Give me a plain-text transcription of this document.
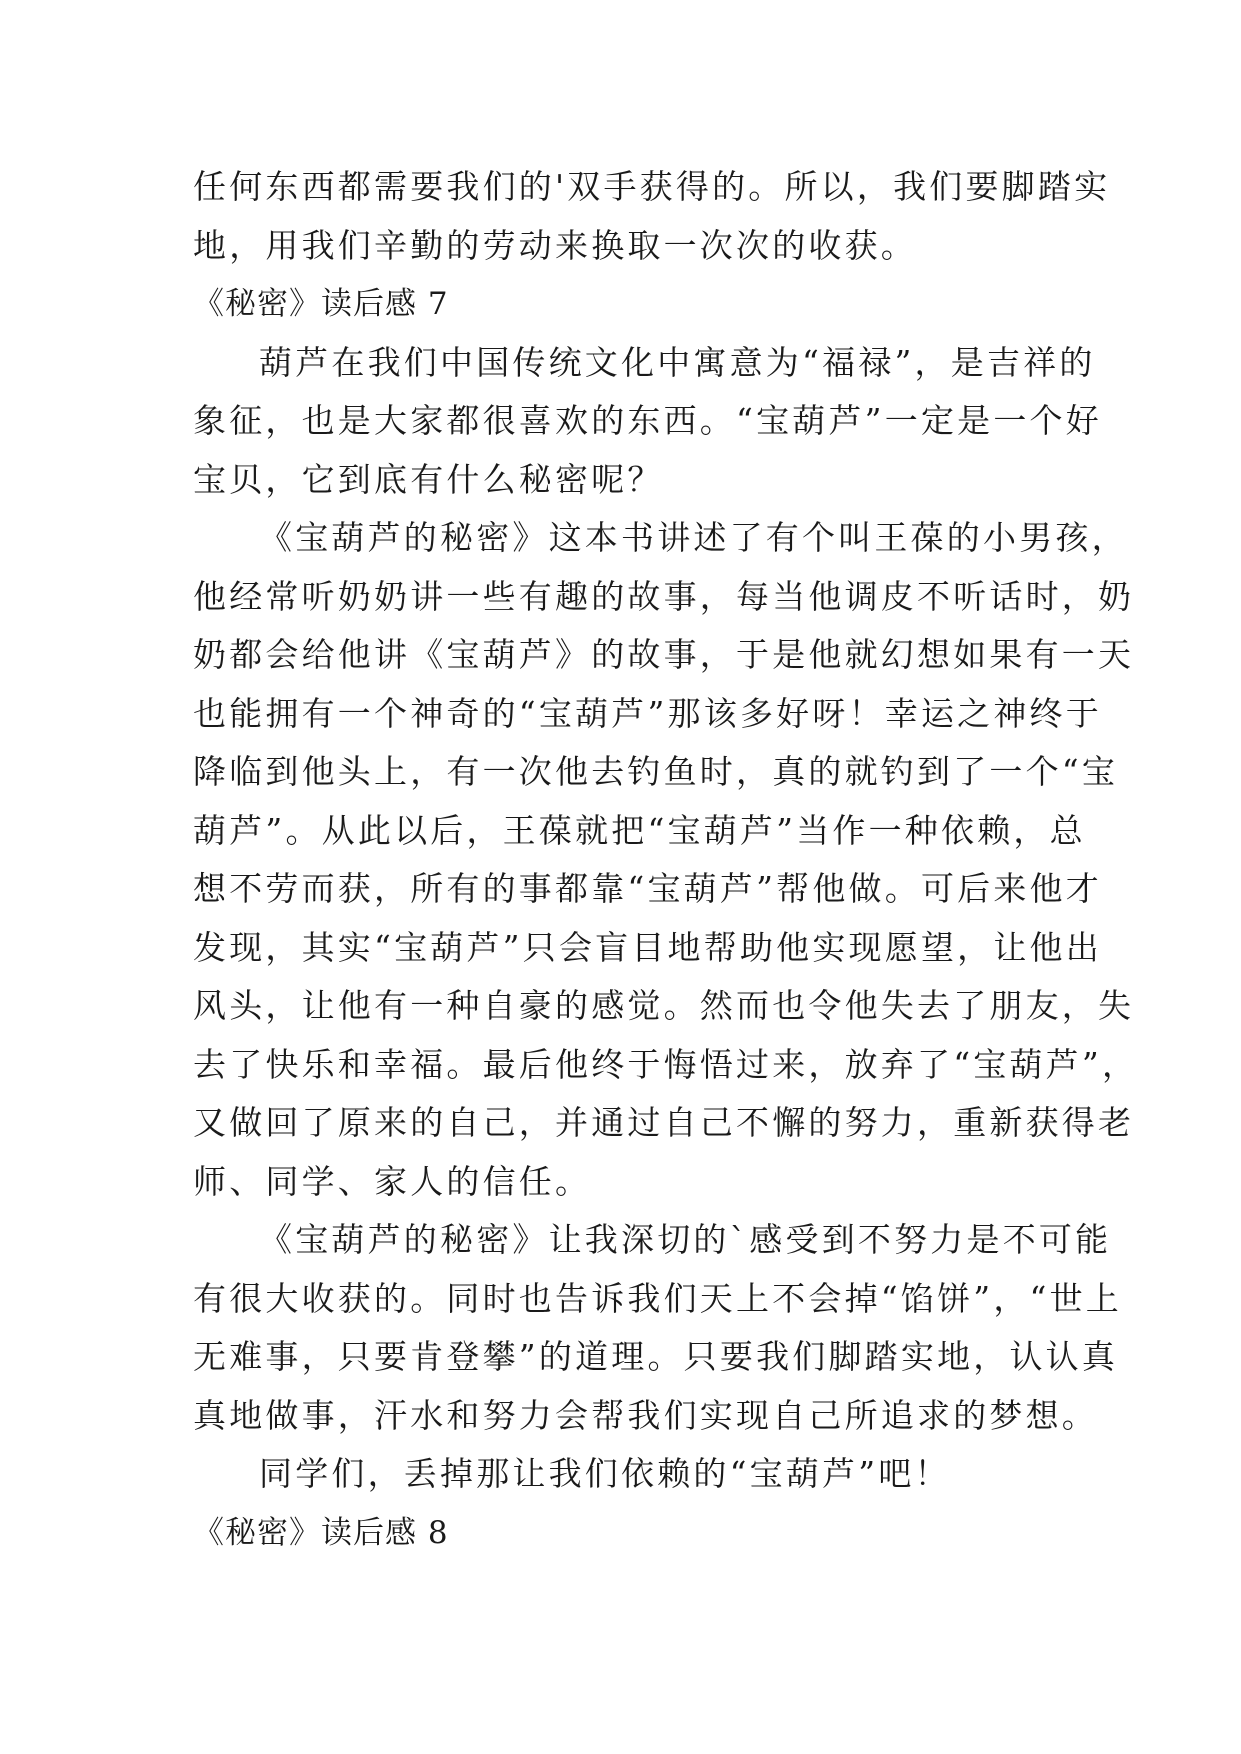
任何东西都需要我们的'双手获得的。所以，我们要脚踏实
地，用我们辛勤的劳动来换取一次次的收获。
《秘密》读后感 7
葫芦在我们中国传统文化中寓意为“福禄”，是吉祥的
象征，也是大家都很喜欢的东西。“宝葫芦”一定是一个好
宝贝，它到底有什么秘密呢？
《宝葫芦的秘密》这本书讲述了有个叫王葆的小男孩，
他经常听奶奶讲一些有趣的故事，每当他调皮不听话时，奶
奶都会给他讲《宝葫芦》的故事，于是他就幻想如果有一天
也能拥有一个神奇的“宝葫芦”那该多好呀！幸运之神终于
降临到他头上，有一次他去钓鱼时，真的就钓到了一个“宝
葫芦”。从此以后，王葆就把“宝葫芦”当作一种依赖，总
想不劳而获，所有的事都靠“宝葫芦”帮他做。可后来他才
发现，其实“宝葫芦”只会盲目地帮助他实现愿望，让他出
风头，让他有一种自豪的感觉。然而也令他失去了朋友，失
去了快乐和幸福。最后他终于悔悟过来，放弃了“宝葫芦”，
又做回了原来的自己，并通过自己不懈的努力，重新获得老
师、同学、家人的信任。
《宝葫芦的秘密》让我深切的`感受到不努力是不可能
有很大收获的。同时也告诉我们天上不会掉“馅饼”，“世上
无难事，只要肯登攀”的道理。只要我们脚踏实地，认认真
真地做事，汗水和努力会帮我们实现自己所追求的梦想。
同学们，丢掉那让我们依赖的“宝葫芦”吧！
《秘密》读后感 8
